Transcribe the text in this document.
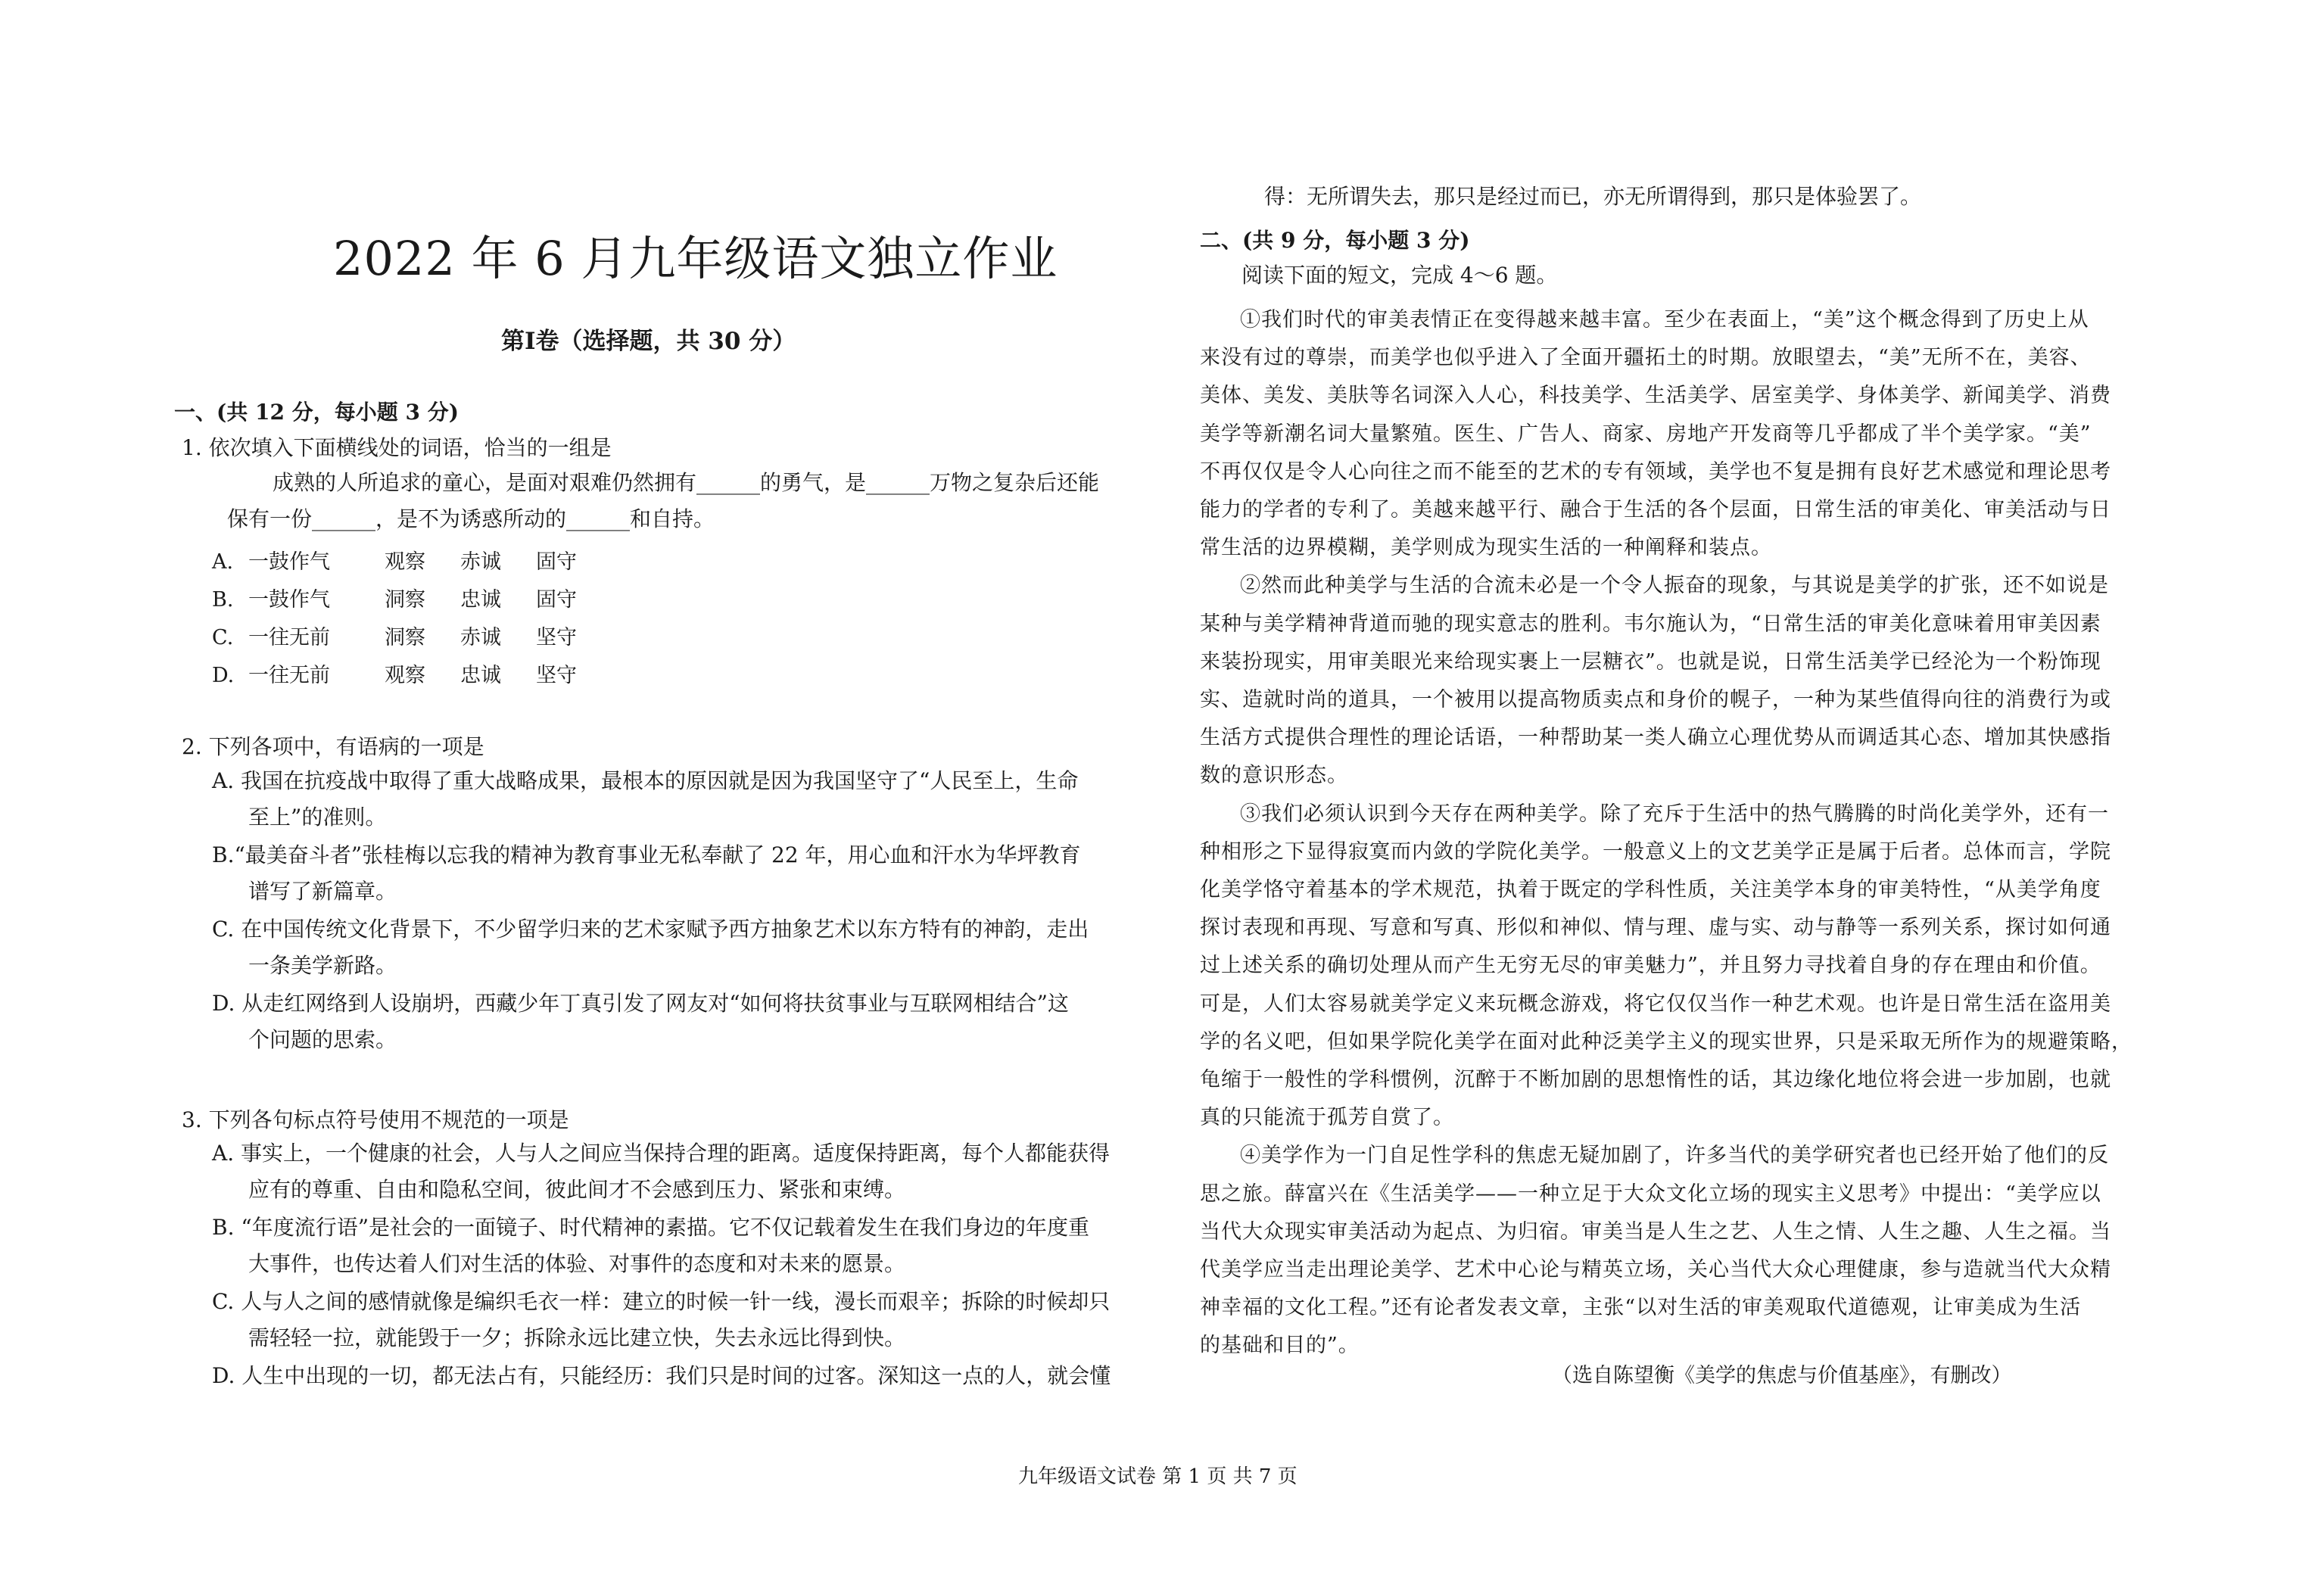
2022 年 6 月九年级语文独立作业
第Ⅰ卷（选择题，共 30 分）
一、(共 12 分，每小题 3 分)
1. 依次填入下面横线处的词语，恰当的一组是
成熟的人所追求的童心，是面对艰难仍然拥有______的勇气，是______万物之复杂后还能
保有一份______，是不为诱惑所动的______和自持。
A. 一鼓作气	观察 赤诚 固守
B. 一鼓作气	洞察 忠诚 固守
C. 一往无前	洞察 赤诚 坚守
D. 一往无前	观察 忠诚 坚守
2. 下列各项中，有语病的一项是
A. 我国在抗疫战中取得了重大战略成果，最根本的原因就是因为我国坚守了“人民至上，生命
至上”的准则。
B.“最美奋斗者”张桂梅以忘我的精神为教育事业无私奉献了 22 年，用心血和汗水为华坪教育
谱写了新篇章。
C. 在中国传统文化背景下，不少留学归来的艺术家赋予西方抽象艺术以东方特有的神韵，走出
一条美学新路。
D. 从走红网络到人设崩坍，西藏少年丁真引发了网友对“如何将扶贫事业与互联网相结合”这
个问题的思索。
3. 下列各句标点符号使用不规范的一项是
A. 事实上，一个健康的社会，人与人之间应当保持合理的距离。适度保持距离，每个人都能获得
应有的尊重、自由和隐私空间，彼此间才不会感到压力、紧张和束缚。
B. “年度流行语”是社会的一面镜子、时代精神的素描。它不仅记载着发生在我们身边的年度重
大事件，也传达着人们对生活的体验、对事件的态度和对未来的愿景。
C. 人与人之间的感情就像是编织毛衣一样：建立的时候一针一线，漫长而艰辛；拆除的时候却只
需轻轻一拉，就能毁于一夕；拆除永远比建立快，失去永远比得到快。
D. 人生中出现的一切，都无法占有，只能经历：我们只是时间的过客。深知这一点的人，就会懂
得：无所谓失去，那只是经过而已，亦无所谓得到，那只是体验罢了。
二、(共 9 分，每小题 3 分)
阅读下面的短文，完成 4～6 题。
①我们时代的审美表情正在变得越来越丰富。至少在表面上，“美”这个概念得到了历史上从
来没有过的尊崇，而美学也似乎进入了全面开疆拓土的时期。放眼望去，“美”无所不在，美容、
美体、美发、美肤等名词深入人心，科技美学、生活美学、居室美学、身体美学、新闻美学、消费
美学等新潮名词大量繁殖。医生、广告人、商家、房地产开发商等几乎都成了半个美学家。“美”
不再仅仅是令人心向往之而不能至的艺术的专有领域，美学也不复是拥有良好艺术感觉和理论思考
能力的学者的专利了。美越来越平行、融合于生活的各个层面，日常生活的审美化、审美活动与日
常生活的边界模糊，美学则成为现实生活的一种阐释和装点。
②然而此种美学与生活的合流未必是一个令人振奋的现象，与其说是美学的扩张，还不如说是
某种与美学精神背道而驰的现实意志的胜利。韦尔施认为，“日常生活的审美化意味着用审美因素
来装扮现实，用审美眼光来给现实裹上一层糖衣”。也就是说，日常生活美学已经沦为一个粉饰现
实、造就时尚的道具，一个被用以提高物质卖点和身价的幌子，一种为某些值得向往的消费行为或
生活方式提供合理性的理论话语，一种帮助某一类人确立心理优势从而调适其心态、增加其快感指
数的意识形态。
③我们必须认识到今天存在两种美学。除了充斥于生活中的热气腾腾的时尚化美学外，还有一
种相形之下显得寂寞而内敛的学院化美学。一般意义上的文艺美学正是属于后者。总体而言，学院
化美学恪守着基本的学术规范，执着于既定的学科性质，关注美学本身的审美特性，“从美学角度
探讨表现和再现、写意和写真、形似和神似、情与理、虚与实、动与静等一系列关系，探讨如何通
过上述关系的确切处理从而产生无穷无尽的审美魅力”，并且努力寻找着自身的存在理由和价值。
可是，人们太容易就美学定义来玩概念游戏，将它仅仅当作一种艺术观。也许是日常生活在盗用美
学的名义吧，但如果学院化美学在面对此种泛美学主义的现实世界，只是采取无所作为的规避策略，
龟缩于一般性的学科惯例，沉醉于不断加剧的思想惰性的话，其边缘化地位将会进一步加剧，也就
真的只能流于孤芳自赏了。
④美学作为一门自足性学科的焦虑无疑加剧了，许多当代的美学研究者也已经开始了他们的反
思之旅。薛富兴在《生活美学——一种立足于大众文化立场的现实主义思考》中提出：“美学应以
当代大众现实审美活动为起点、为归宿。审美当是人生之艺、人生之情、人生之趣、人生之福。当
代美学应当走出理论美学、艺术中心论与精英立场，关心当代大众心理健康，参与造就当代大众精
神幸福的文化工程。”还有论者发表文章，主张“以对生活的审美观取代道德观，让审美成为生活
的基础和目的”。
（选自陈望衡《美学的焦虑与价值基座》，有删改）
九年级语文试卷 第 1 页 共 7 页
